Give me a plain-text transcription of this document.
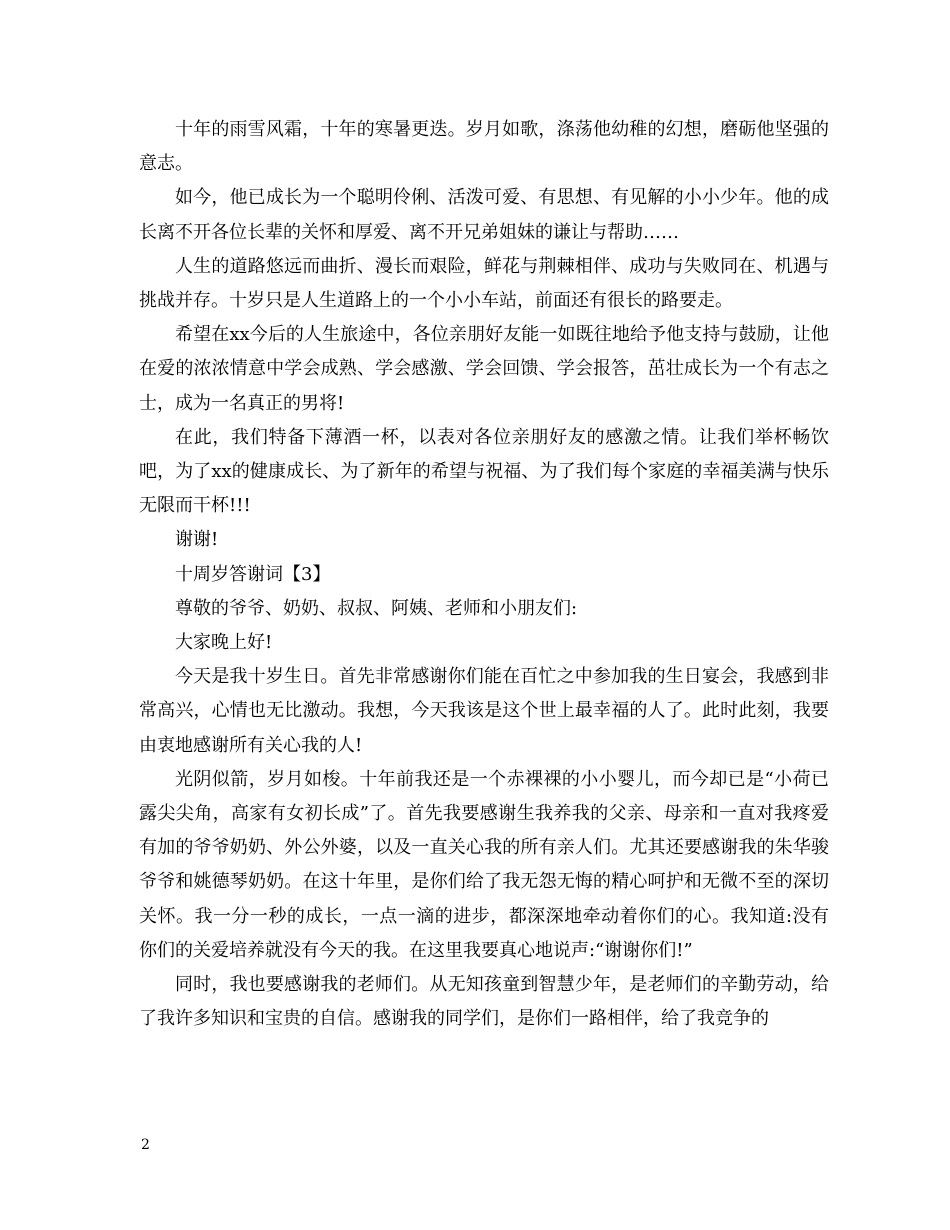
十年的雨雪风霜，十年的寒暑更迭。岁月如歌，涤荡他幼稚的幻想，磨砺他坚强的意志。

如今，他已成长为一个聪明伶俐、活泼可爱、有思想、有见解的小小少年。他的成长离不开各位长辈的关怀和厚爱、离不开兄弟姐妹的谦让与帮助……

人生的道路悠远而曲折、漫长而艰险，鲜花与荆棘相伴、成功与失败同在、机遇与挑战并存。十岁只是人生道路上的一个小小车站，前面还有很长的路要走。

希望在xx今后的人生旅途中，各位亲朋好友能一如既往地给予他支持与鼓励，让他在爱的浓浓情意中学会成熟、学会感激、学会回馈、学会报答，茁壮成长为一个有志之士，成为一名真正的男将!

在此，我们特备下薄酒一杯，以表对各位亲朋好友的感激之情。让我们举杯畅饮吧，为了xx的健康成长、为了新年的希望与祝福、为了我们每个家庭的幸福美满与快乐无限而干杯!!!

谢谢!

十周岁答谢词【3】

尊敬的爷爷、奶奶、叔叔、阿姨、老师和小朋友们:

大家晚上好!

今天是我十岁生日。首先非常感谢你们能在百忙之中参加我的生日宴会，我感到非常高兴，心情也无比激动。我想，今天我该是这个世上最幸福的人了。此时此刻，我要由衷地感谢所有关心我的人!

光阴似箭，岁月如梭。十年前我还是一个赤裸裸的小小婴儿，而今却已是“小荷已露尖尖角，高家有女初长成”了。首先我要感谢生我养我的父亲、母亲和一直对我疼爱有加的爷爷奶奶、外公外婆，以及一直关心我的所有亲人们。尤其还要感谢我的朱华骏爷爷和姚德琴奶奶。在这十年里，是你们给了我无怨无悔的精心呵护和无微不至的深切关怀。我一分一秒的成长，一点一滴的进步，都深深地牵动着你们的心。我知道:没有你们的关爱培养就没有今天的我。在这里我要真心地说声:“谢谢你们!”

同时，我也要感谢我的老师们。从无知孩童到智慧少年，是老师们的辛勤劳动，给了我许多知识和宝贵的自信。感谢我的同学们，是你们一路相伴，给了我竞争的

2
